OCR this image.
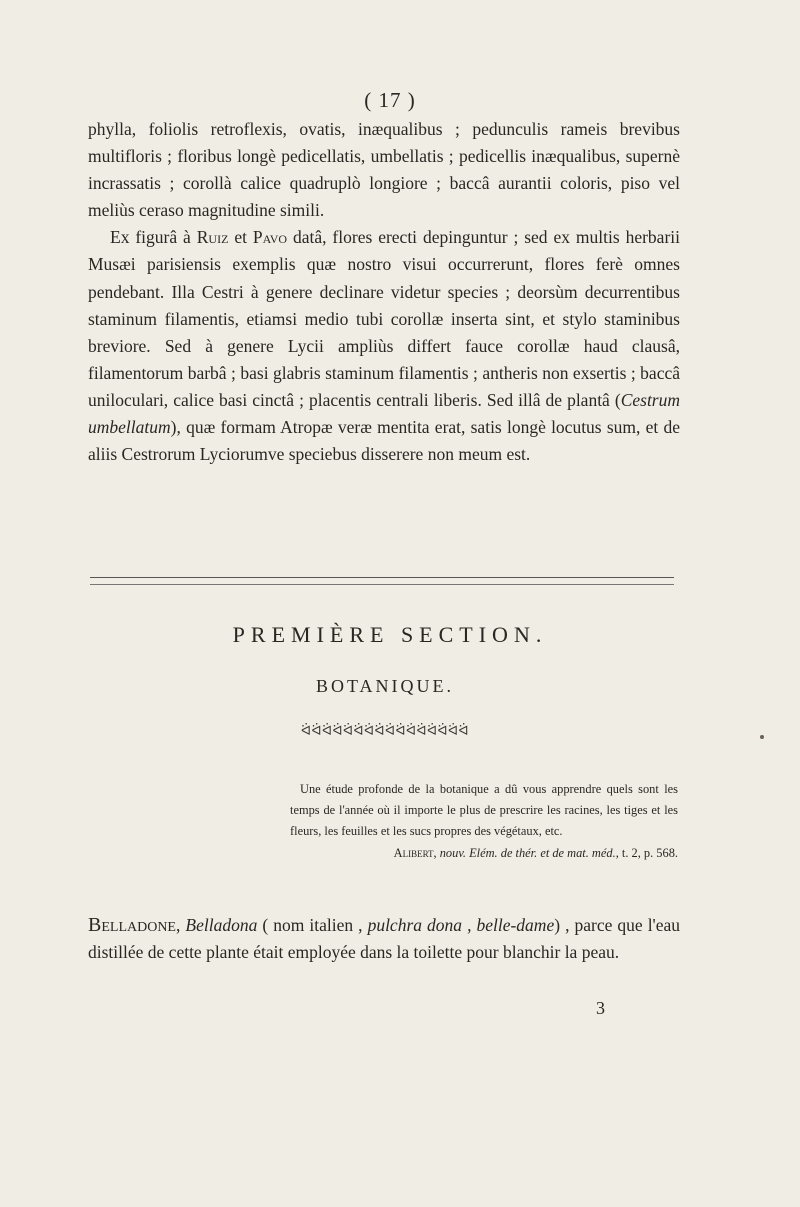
( 17 )

phylla, foliolis retroflexis, ovatis, inæqualibus ; pedunculis rameis brevibus multifloris ; floribus longè pedicellatis, umbellatis ; pedicellis inæqualibus, supernè incrassatis ; corollà calice quadruplò longiore ; baccâ aurantii coloris, piso vel meliùs ceraso magnitudine simili.

Ex figurâ à Ruiz et Pavo datâ, flores erecti depinguntur ; sed ex multis herbarii Musæi parisiensis exemplis quæ nostro visui occurrerunt, flores ferè omnes pendebant. Illa Cestri à genere declinare videtur species ; deorsùm decurrentibus staminum filamentis, etiamsi medio tubi corollæ inserta sint, et stylo staminibus breviore. Sed à genere Lycii ampliùs differt fauce corollæ haud clausâ, filamentorum barbâ ; basi glabris staminum filamentis ; antheris non exsertis ; baccâ uniloculari, calice basi cinctâ ; placentis centrali liberis. Sed illâ de plantâ (Cestrum umbellatum), quæ formam Atropæ veræ mentita erat, satis longè locutus sum, et de aliis Cestrorum Lyciorumve speciebus disserere non meum est.

PREMIÈRE SECTION.
BOTANIQUE.
ᐛᐛᐛᐛᐛᐛᐛᐛᐛᐛᐛᐛᐛᐛᐛᐛ

Une étude profonde de la botanique a dû vous apprendre quels sont les temps de l'année où il importe le plus de prescrire les racines, les tiges et les fleurs, les feuilles et les sucs propres des végétaux, etc.

Alibert, nouv. Elém. de thér. et de mat. méd., t. 2, p. 568.

Belladone, Belladona ( nom italien , pulchra dona , belle-dame) , parce que l'eau distillée de cette plante était employée dans la toilette pour blanchir la peau.

3
